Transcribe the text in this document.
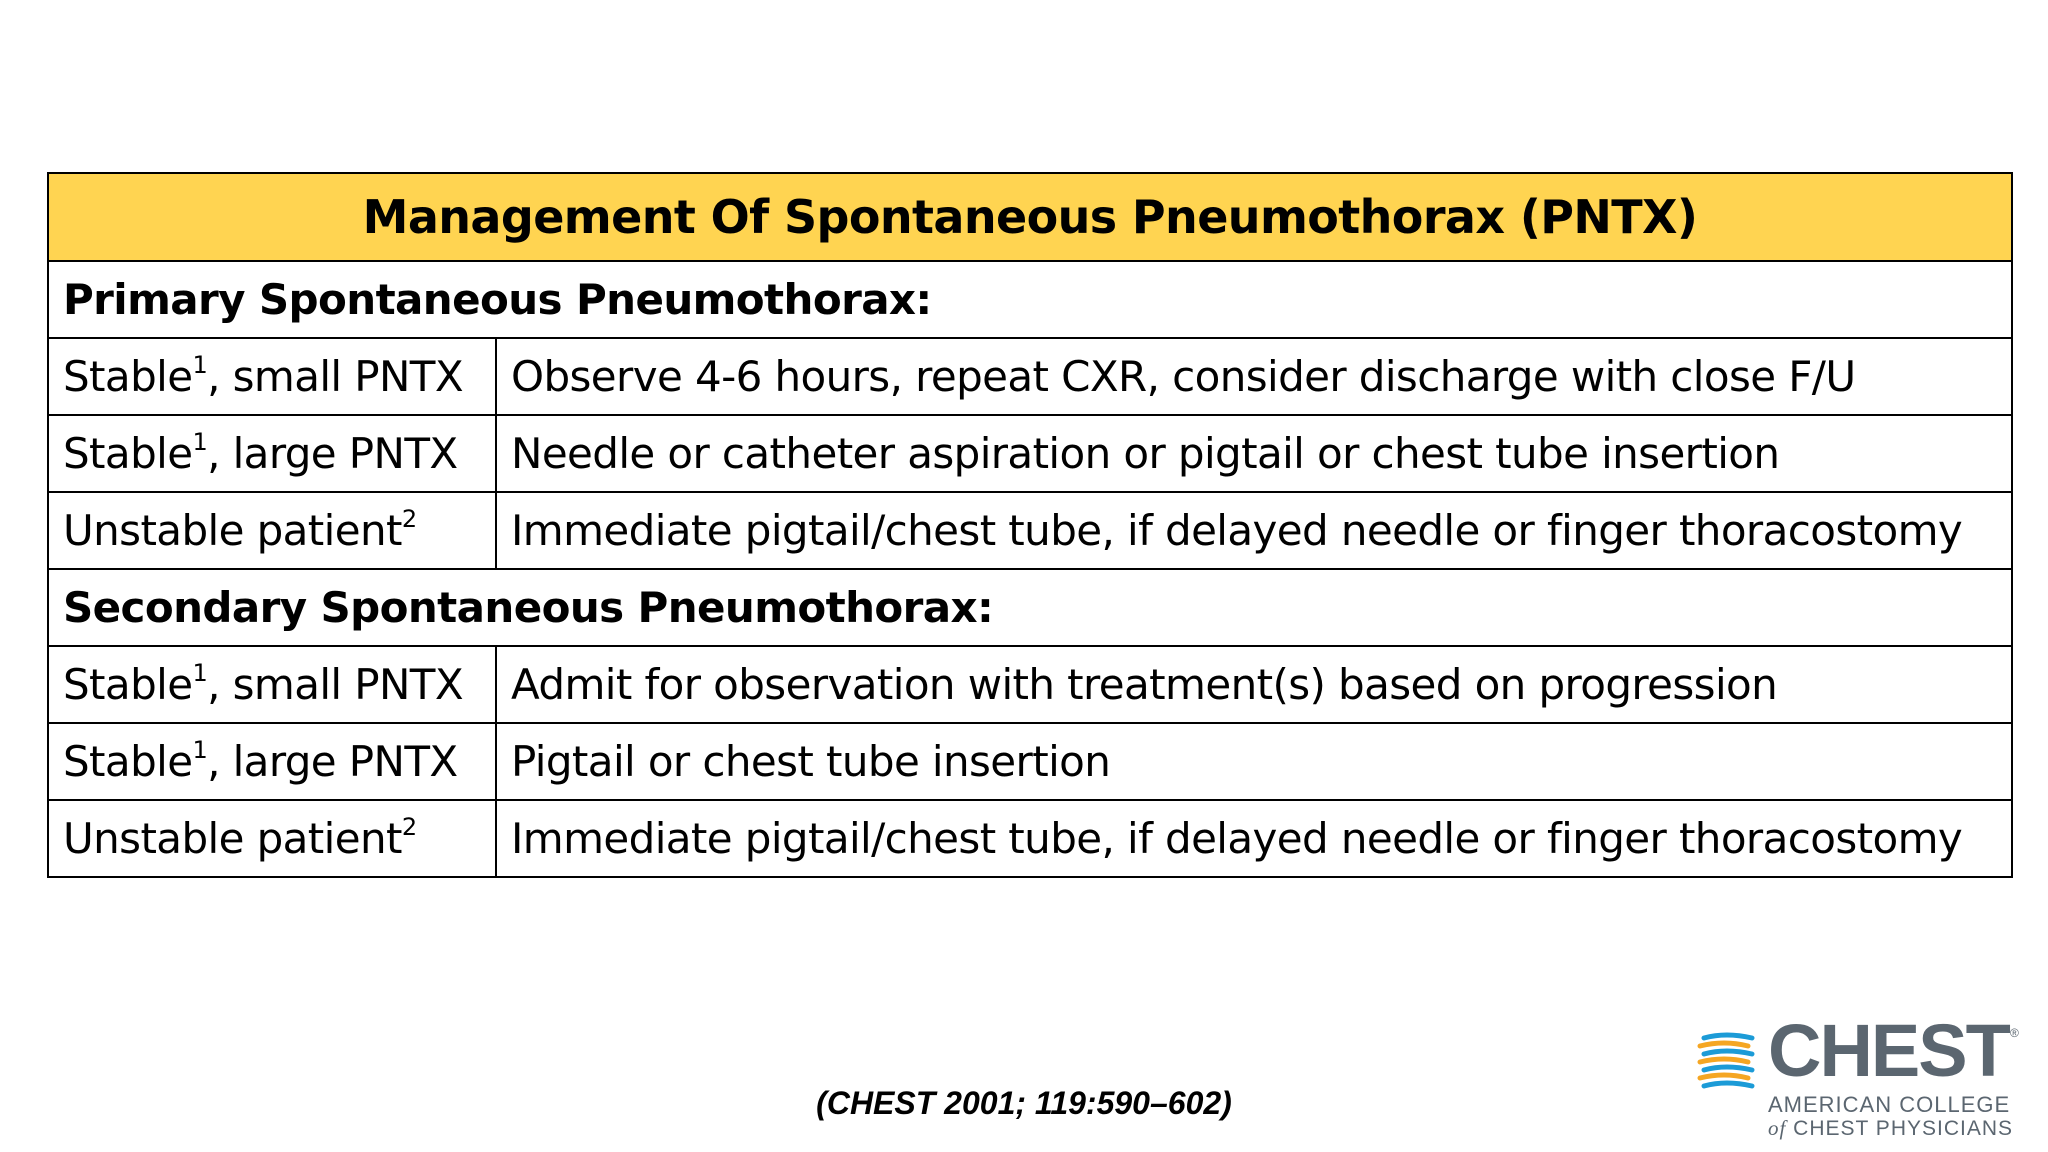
Management Of Spontaneous Pneumothorax (PNTX)	
Primary Spontaneous Pneumothorax:	
Stable$^1$, small PNTX	Observe 4-6 hours, repeat CXR, consider discharge with close F/U
Stable$^1$, large PNTX	Needle or catheter aspiration or pigtail or chest tube insertion
Unstable patient$^2$	Immediate pigtail/chest tube, if delayed needle or finger thoracostomy
Secondary Spontaneous Pneumothorax:	
Stable$^1$, small PNTX	Admit for observation with treatment(s) based on progression
Stable$^1$, large PNTX	Pigtail or chest tube insertion
Unstable patient$^2$	Immediate pigtail/chest tube, if delayed needle or finger thoracostomy
(CHEST 2001; 119:590–602)
CHEST ®
AMERICAN COLLEGE
of CHEST PHYSICIANS
